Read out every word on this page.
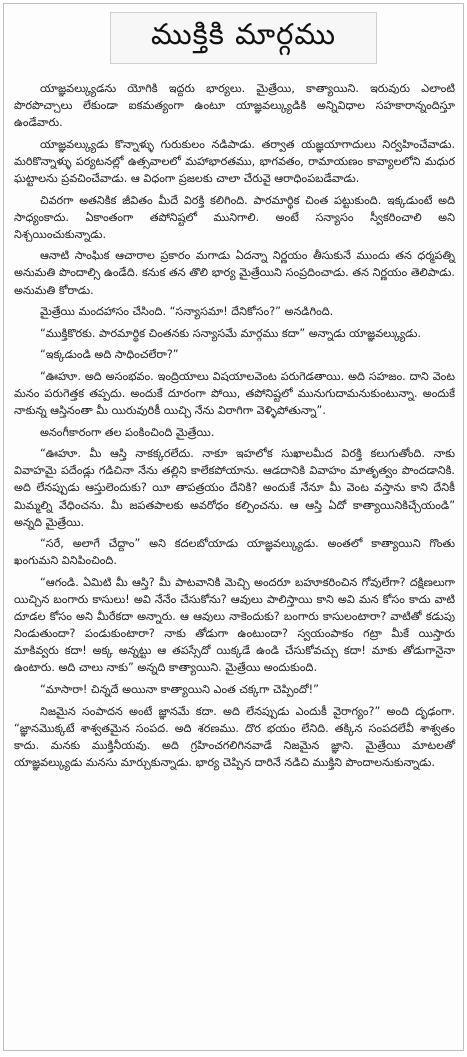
ముక్తికి మార్గము

యాజ్ఞవల్క్యుడను యోగికి ఇద్దరు భార్యలు. మైత్రేయి, కాత్యాయిని. ఇరువురు ఎలాంటి పొరపొచ్చాలు లేకుండా ఐకమత్యంగా ఉంటూ యాజ్ఞవల్క్యుడికి అన్నివిధాల సహకారాన్నందిస్తూ ఉండేవారు.

యాజ్ఞవల్క్యుడు కొన్నాళ్ళు గురుకులం నడిపాడు. తర్వాత యజ్ఞయాగాదులు నిర్వహించేవాడు. మరికొన్నాళ్ళు పర్యటనల్లో ఉత్సవాలలో మహాభారతము, భాగవతం, రామాయణం కావ్యాలలోని మధుర ఘట్టాలను ప్రవచించేవాడు. ఆ విధంగా ప్రజలకు చాలా చేరువై ఆరాధింపబడేవాడు.

చివరగా అతనికిక జీవితం మీదే విరక్తి కలిగింది. పారమార్థిక చింత పట్టుకుంది. ఇక్కడుంటే అది సాధ్యంకాదు. ఏకాంతంగా తపోనిష్టలో మునిగాలి. అంటే సన్యాసం స్వీకరించాలి అని నిశ్చయించుకున్నాడు.

ఆనాటి సాంఘిక ఆచారాల ప్రకారం మగాడు ఏదన్నా నిర్ణయం తీసుకునే ముందు తన ధర్మపత్ని అనుమతి పొందాల్సి ఉండేది. కనుక తన తొలి భార్య మైత్రేయిని సంప్రదించాడు. తన నిర్ణయం తెలిపాడు. అనుమతి కోరాడు.

మైత్రేయి మందహాసం చేసింది. “సన్యాసమా! దేనికోసం?” అనడిగింది.

“ముక్తికొరకు. పారమార్థిక చింతనకు సన్యాసమే మార్గము కదా” అన్నాడు యాజ్ఞవల్క్యుడు.

“ఇక్కడుండి అది సాధించలేరా?”

“ఊహూ. అది అసంభవం. ఇంద్రియాలు విషయాలవెంట పరుగెడతాయి. అది సహజం. దాని వెంట మనం పరుగెత్తక తప్పదు. అందుకే దూరంగా పోయి, తపోనిష్టలో మునుగుదామనుకుంటున్నా. అందుకే నాకున్న ఆస్తినంతా మీ యిరువురికీ యిచ్చి నేను విరాగిగా వెళ్ళిపోతున్నా”.

అనంగీకారంగా తల పంకించింది మైత్రేయి.

“ఊహూ. మీ ఆస్తి నాకక్కరలేదు. నాకూ ఇహలోక సుఖాలమీద విరక్తి కలుగుతోంది. నాకు వివాహమై పదేండ్లు గడిచినా నేను తల్లిని కాలేకపోయాను. ఆడదానికి వివాహం మాతృత్వం పొందడానికి. అది లేనప్పుడు ఆస్తులెందుకు? యీ తాపత్రయం దేనికి? అందుకే నేనూ మీ వెంట వస్తాను కాని దేనికీ మిమ్మల్ని వేధించను. మీ జపతపాలకు అవరోధం కల్పించను. ఆ ఆస్తి ఏదో కాత్యాయినికిచ్చేయండి” అన్నది మైత్రేయి.

“సరే, అలాగే చేద్దాం” అని కదలబోయాడు యాజ్ఞవల్క్యుడు. అంతలో కాత్యాయిని గొంతు ఖంగుమని వినిపించింది.

“ఆగండి. ఏమిటి మీ ఆస్తి? మీ పాటవానికి మెచ్చి అందరూ బహూకరించిన గోవులేగా? దక్షిణలుగా యిచ్చిన బంగారు కాసులు! అవి నేనేం చేసుకోను? ఆవులు పాలిస్తాయి కాని అవి మన కోసం కాదు వాటి దూడల కోసం అని మీరేకదా అన్నారు. ఆ ఆవులు నాకెందుకు? బంగారు కాసులంటారా? వాటితో కడుపు నిండుతుందా? పండుకుంటారా? నాకు తోడుగా ఉంటుందా? స్వయంపాకం గట్రా మీకే యిస్తారు మాకివ్వరు కదా! అక్క అన్నట్టు ఆ తపస్సేదో యిక్కడే ఉండి చేసుకోవచ్చు కదా! మాకు తోడుగానైనా ఉంటారు. అది చాలు నాకు” అన్నది కాత్యాయిని. మైత్రేయి అందుకుంది.

“మాసారా! చిన్నదే అయినా కాత్యాయిని ఎంత చక్కగా చెప్పిందో!”

నిజమైన సంపాదన అంటే జ్ఞానమే కదా. అది లేనప్పుడు ఎందుకీ వైరాగ్యం?” అంది దృఢంగా. “జ్ఞానమొక్కటే శాశ్వతమైన సంపద. అది శరణము. దొర భయం లేనిది. తక్కిన సంపదలేవీ శాశ్వతం కాదు. మనకు ముక్తినీయవు. అది గ్రహించగలిగినవాడే నిజమైన జ్ఞాని. మైత్రేయి మాటలతో యాజ్ఞవల్క్యుడు మనసు మార్చుకున్నాడు. భార్య చెప్పిన దారినే నడిచి ముక్తిని పొందాలనుకున్నాడు.
